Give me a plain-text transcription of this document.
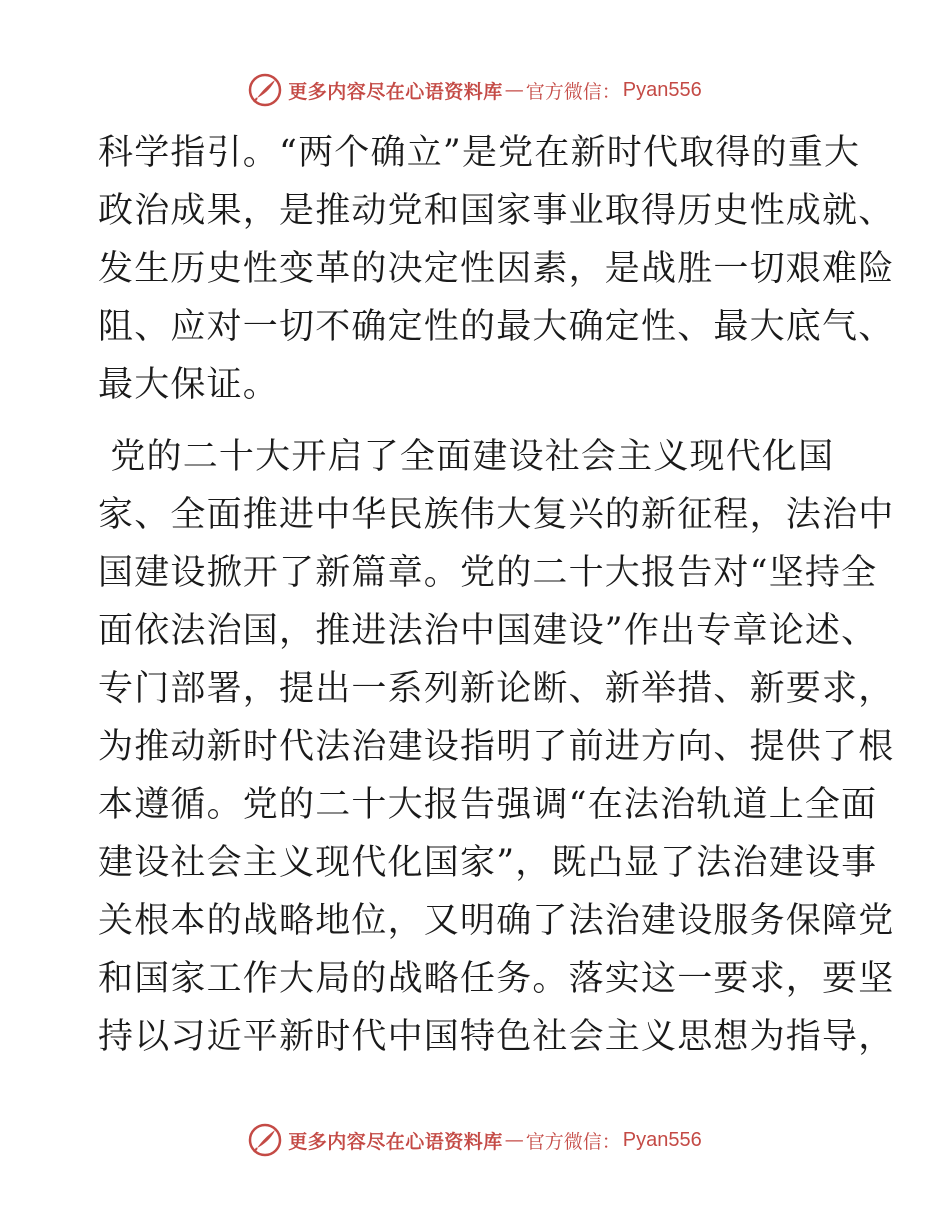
更多内容尽在心语资料库 — 官方微信： Pyan556
科学指引。“两个确立”是党在新时代取得的重大
政治成果，是推动党和国家事业取得历史性成就、
发生历史性变革的决定性因素，是战胜一切艰难险
阻、应对一切不确定性的最大确定性、最大底气、
最大保证。
党的二十大开启了全面建设社会主义现代化国
家、全面推进中华民族伟大复兴的新征程，法治中
国建设掀开了新篇章。党的二十大报告对“坚持全
面依法治国，推进法治中国建设”作出专章论述、
专门部署，提出一系列新论断、新举措、新要求，
为推动新时代法治建设指明了前进方向、提供了根
本遵循。党的二十大报告强调“在法治轨道上全面
建设社会主义现代化国家”，既凸显了法治建设事
关根本的战略地位，又明确了法治建设服务保障党
和国家工作大局的战略任务。落实这一要求，要坚
持以习近平新时代中国特色社会主义思想为指导，
更多内容尽在心语资料库 — 官方微信： Pyan556
